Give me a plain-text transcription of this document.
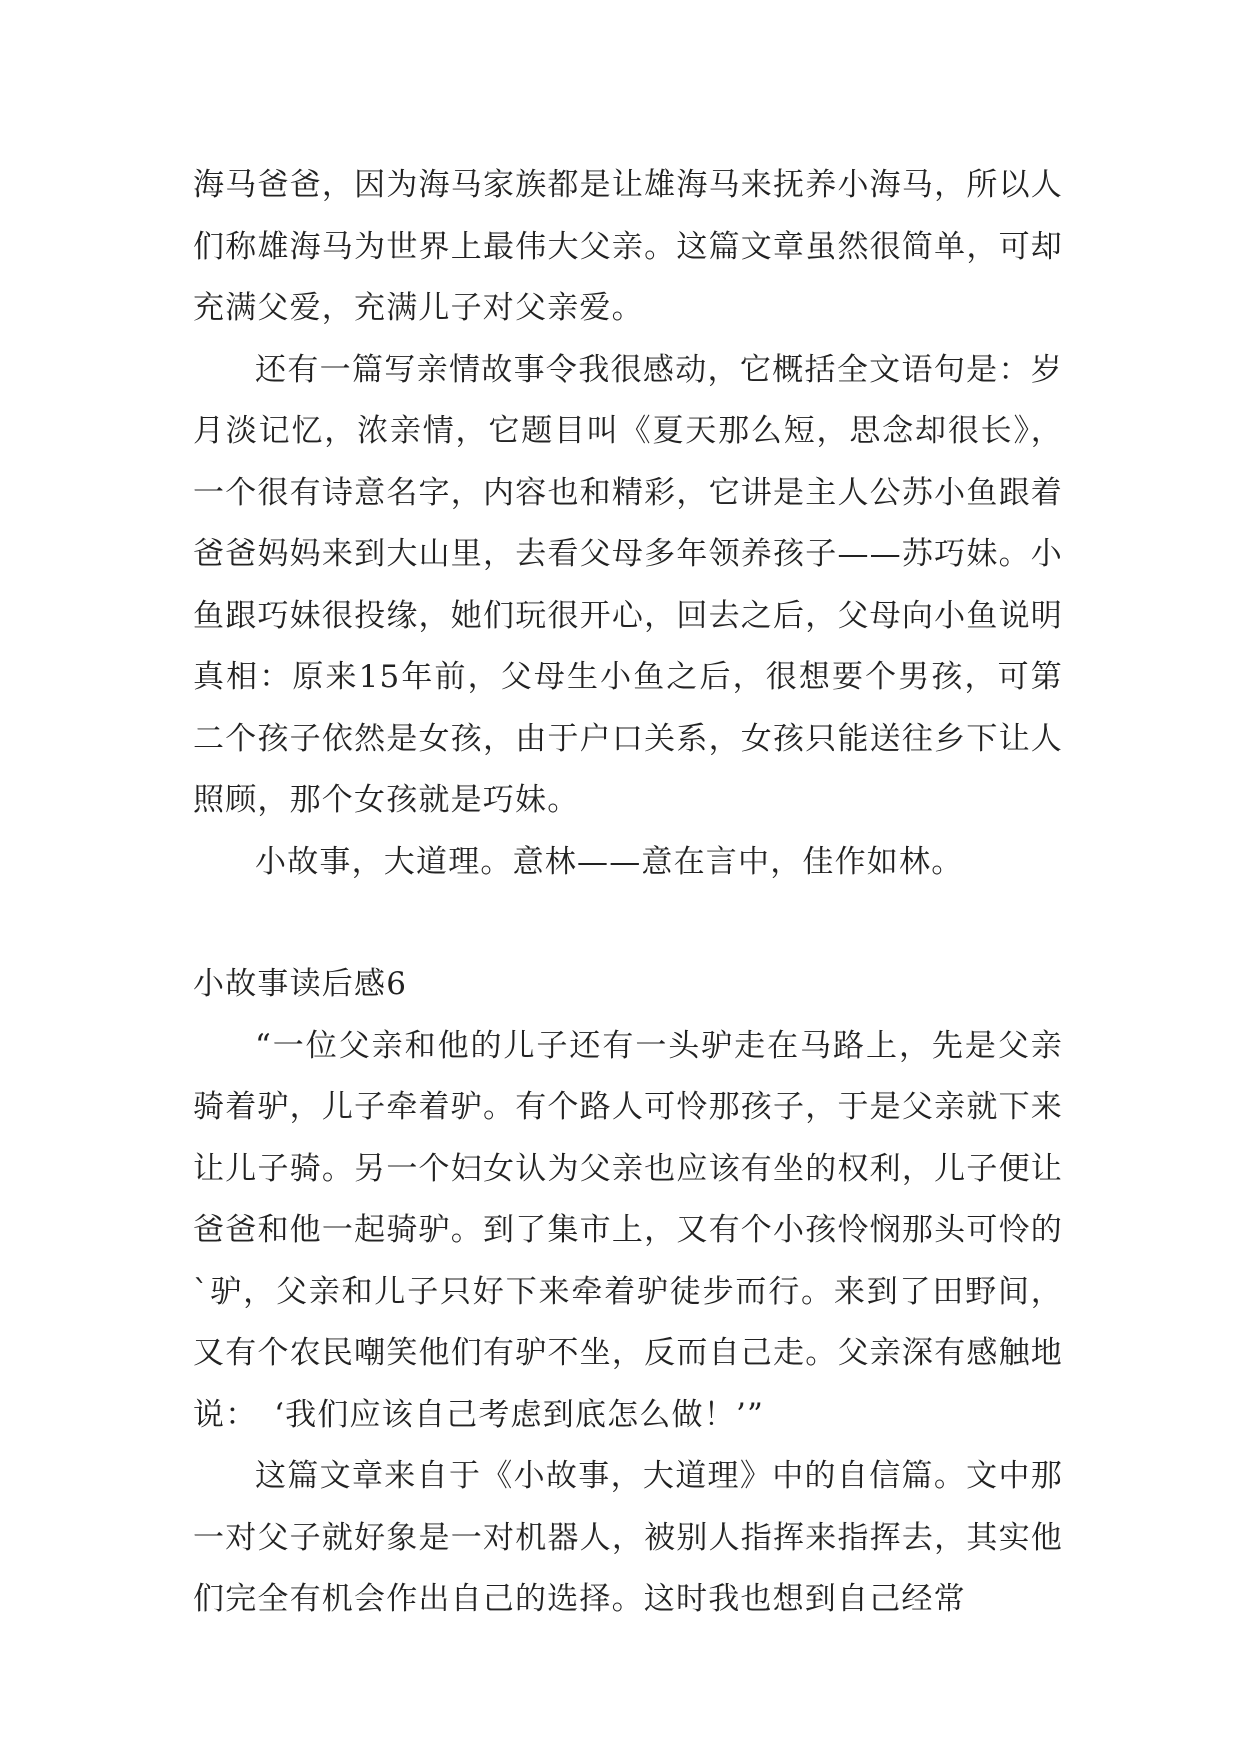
海马爸爸，因为海马家族都是让雄海马来抚养小海马，所以人们称雄海马为世界上最伟大父亲。这篇文章虽然很简单，可却充满父爱，充满儿子对父亲爱。

还有一篇写亲情故事令我很感动，它概括全文语句是：岁月淡记忆，浓亲情，它题目叫《夏天那么短，思念却很长》，一个很有诗意名字，内容也和精彩，它讲是主人公苏小鱼跟着爸爸妈妈来到大山里，去看父母多年领养孩子——苏巧妹。小鱼跟巧妹很投缘，她们玩很开心，回去之后，父母向小鱼说明真相：原来15年前，父母生小鱼之后，很想要个男孩，可第二个孩子依然是女孩，由于户口关系，女孩只能送往乡下让人照顾，那个女孩就是巧妹。

小故事，大道理。意林——意在言中，佳作如林。

小故事读后感6

“一位父亲和他的儿子还有一头驴走在马路上，先是父亲骑着驴，儿子牵着驴。有个路人可怜那孩子，于是父亲就下来让儿子骑。另一个妇女认为父亲也应该有坐的权利，儿子便让爸爸和他一起骑驴。到了集市上，又有个小孩怜悯那头可怜的`驴，父亲和儿子只好下来牵着驴徒步而行。来到了田野间，又有个农民嘲笑他们有驴不坐，反而自己走。父亲深有感触地说：　‘我们应该自己考虑到底怎么做！’”

这篇文章来自于《小故事，大道理》中的自信篇。文中那一对父子就好象是一对机器人，被别人指挥来指挥去，其实他们完全有机会作出自己的选择。这时我也想到自己经常
